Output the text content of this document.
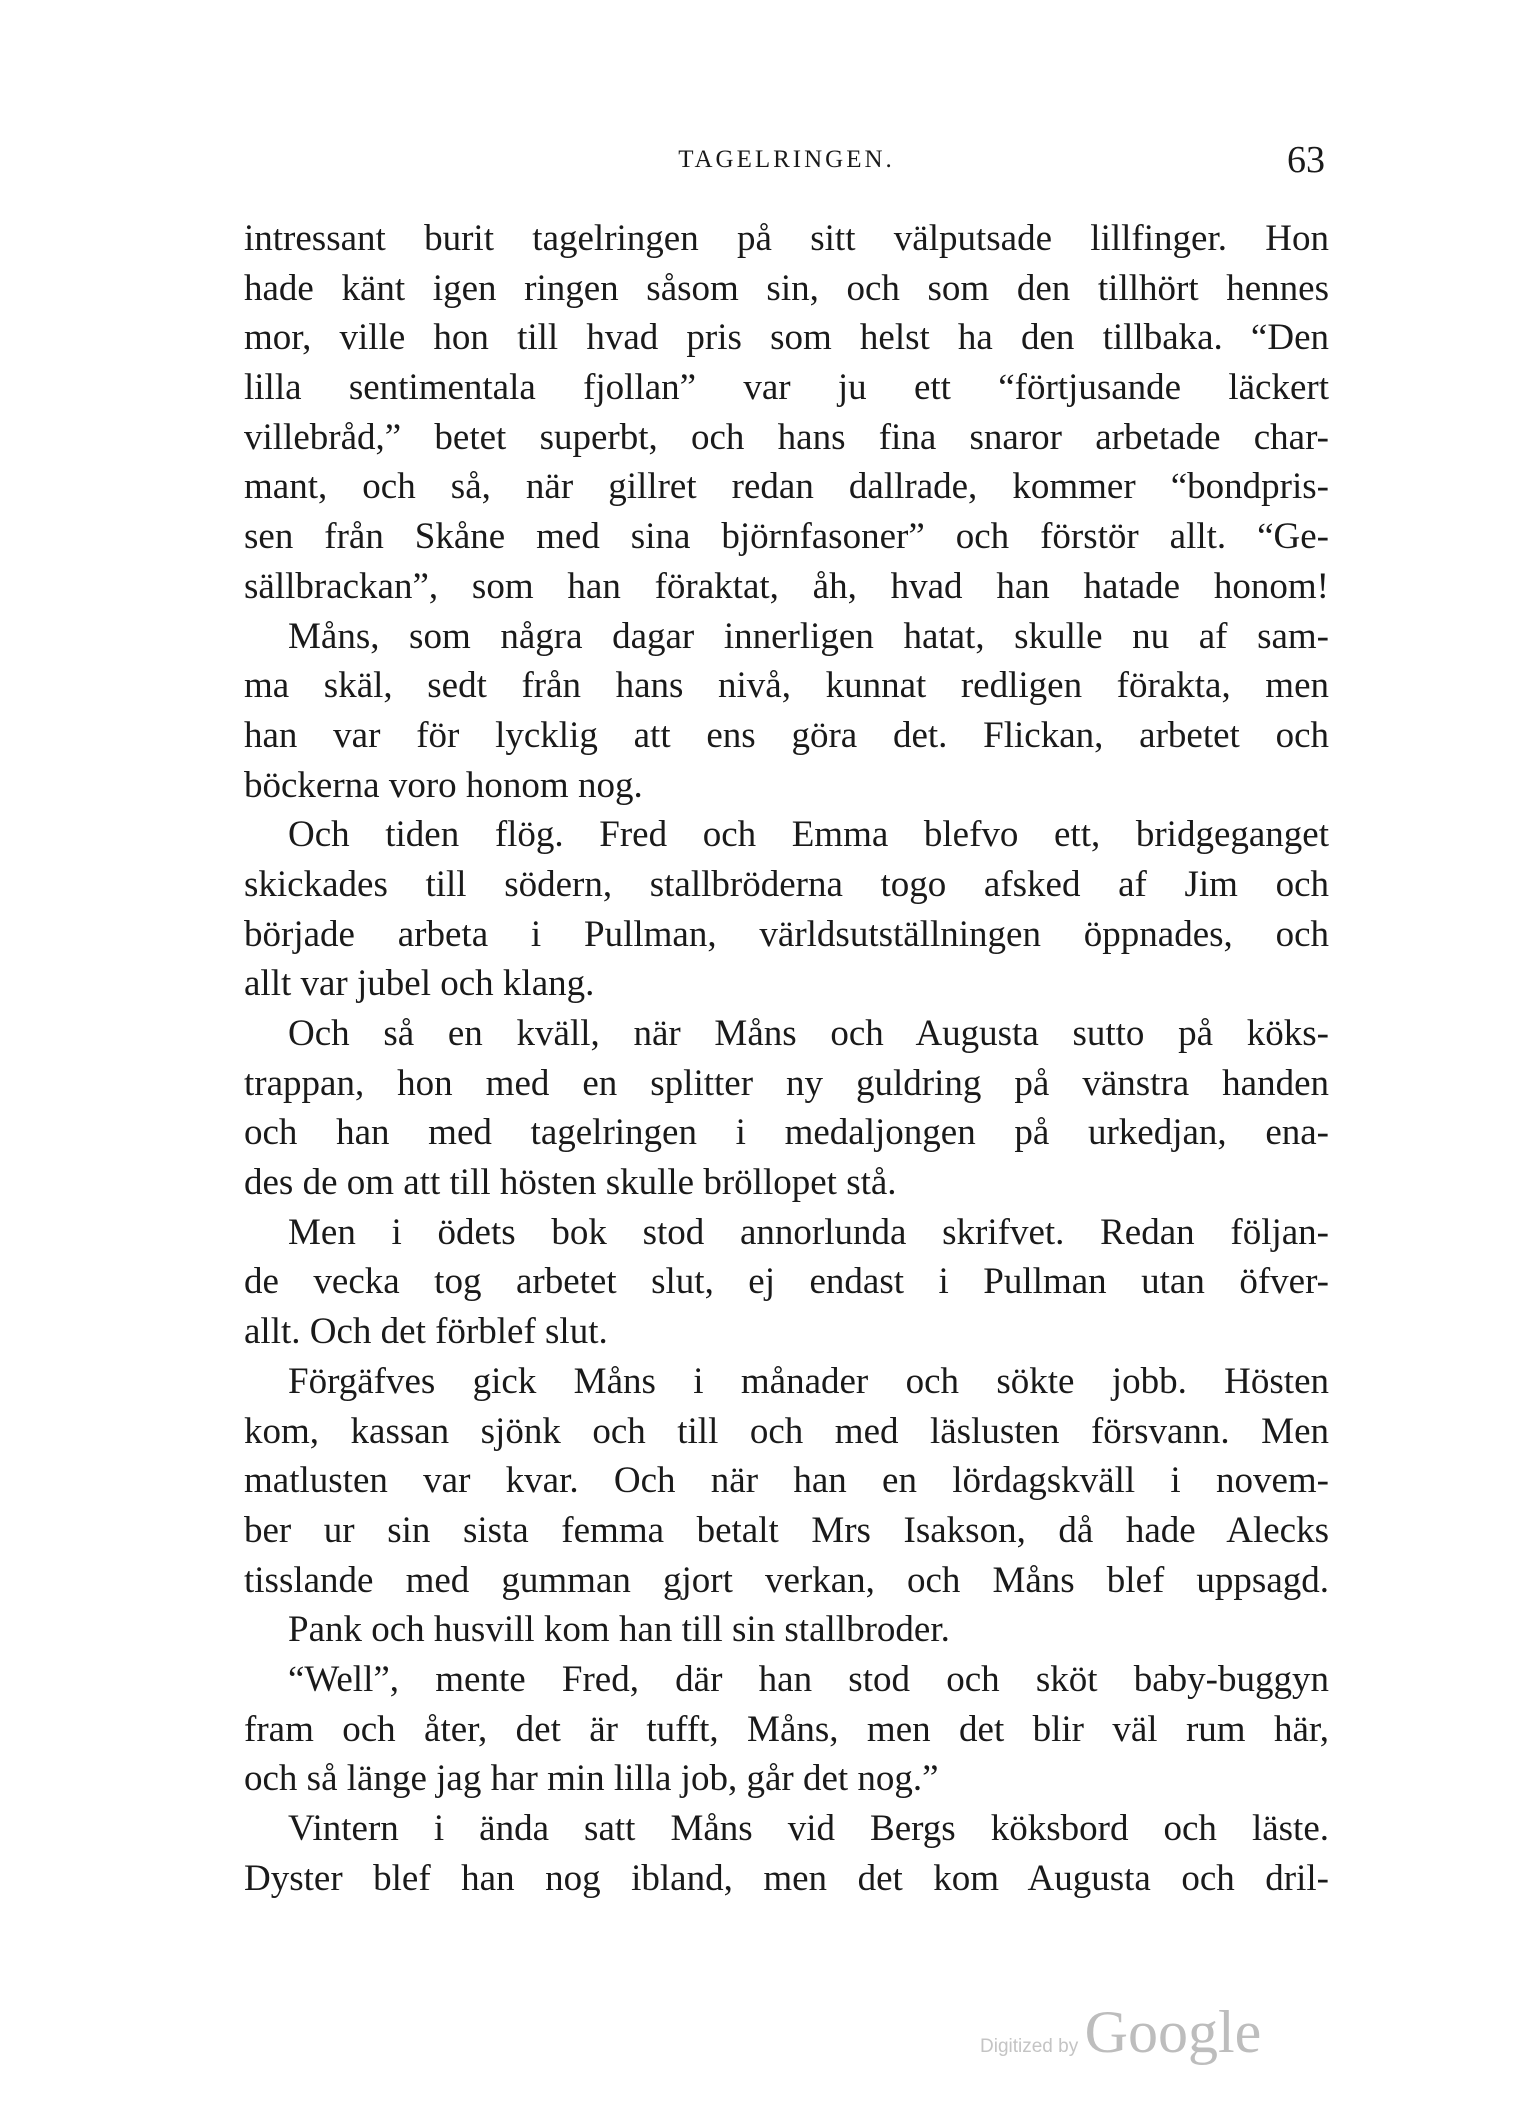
TAGELRINGEN.	63
intressant burit tagelringen på sitt välputsade lillfinger. Hon
hade känt igen ringen såsom sin, och som den tillhört hennes
mor, ville hon till hvad pris som helst ha den tillbaka. “Den
lilla sentimentala fjollan” var ju ett “förtjusande läckert
villebråd,” betet superbt, och hans fina snaror arbetade char-
mant, och så, när gillret redan dallrade, kommer “bondpris-
sen från Skåne med sina björnfasoner” och förstör allt. “Ge-
sällbrackan”, som han föraktat, åh, hvad han hatade honom!
Måns, som några dagar innerligen hatat, skulle nu af sam-
ma skäl, sedt från hans nivå, kunnat redligen förakta, men
han var för lycklig att ens göra det. Flickan, arbetet och
böckerna voro honom nog.
Och tiden flög. Fred och Emma blefvo ett, bridgeganget
skickades till södern, stallbröderna togo afsked af Jim och
började arbeta i Pullman, världsutställningen öppnades, och
allt var jubel och klang.
Och så en kväll, när Måns och Augusta sutto på köks-
trappan, hon med en splitter ny guldring på vänstra handen
och han med tagelringen i medaljongen på urkedjan, ena-
des de om att till hösten skulle bröllopet stå.
Men i ödets bok stod annorlunda skrifvet. Redan följan-
de vecka tog arbetet slut, ej endast i Pullman utan öfver-
allt. Och det förblef slut.
Förgäfves gick Måns i månader och sökte jobb. Hösten
kom, kassan sjönk och till och med läslusten försvann. Men
matlusten var kvar. Och när han en lördagskväll i novem-
ber ur sin sista femma betalt Mrs Isakson, då hade Alecks
tisslande med gumman gjort verkan, och Måns blef uppsagd.
Pank och husvill kom han till sin stallbroder.
“Well”, mente Fred, där han stod och sköt baby-buggyn
fram och åter, det är tufft, Måns, men det blir väl rum här,
och så länge jag har min lilla job, går det nog.”
Vintern i ända satt Måns vid Bergs köksbord och läste.
Dyster blef han nog ibland, men det kom Augusta och dril-
Digitized by Google
